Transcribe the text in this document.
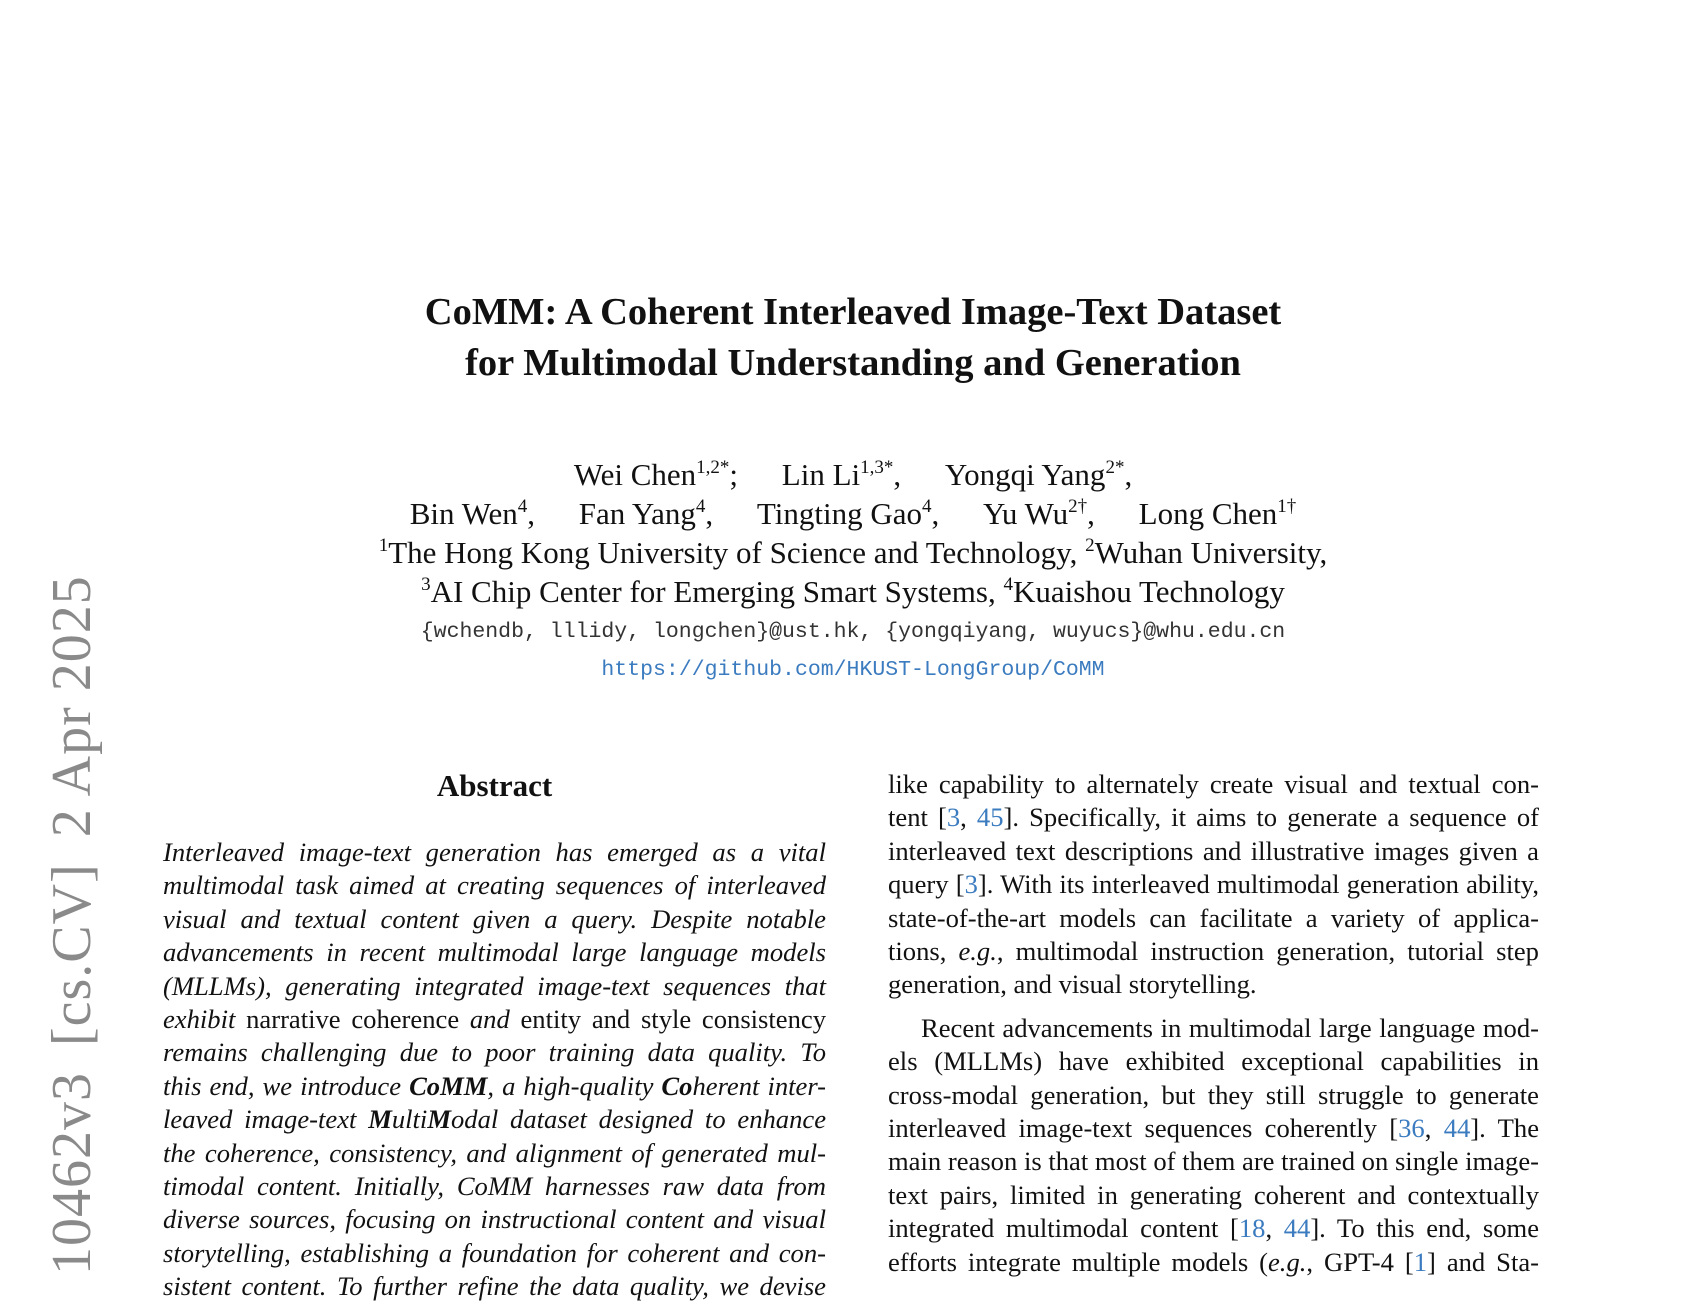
10462v3[cs.CV]2 Apr 2025
CoMM: A Coherent Interleaved Image-Text Dataset
for Multimodal Understanding and Generation
Wei Chen$^{1,2*}$; Lin $Li^{1,3*}$, Yongqi Yang$^{2*}$,
Bin Wen$^4$, Fan Yang$^4$, Tingting Gao$^4$, Yu $Wu^{2\dagger}$, Long Chen$^{1\dagger}$
$^1$The Hong Kong University of Science and Technology, $^2$Wuhan University,
$^3$AI Chip Center for Emerging Smart Systems, $^4$Kuaishou Technology
{wchendb, lllidy, longchen}@ust.hk, {yongqiyang, wuyucs}@whu.edu.cn
https://github.com/HKUST-LongGroup/CoMM
Abstract
Interleaved image-text generation has emerged as a vital
multimodal task aimed at creating sequences of interleaved
visual and textual content given a query. Despite notable
advancements in recent multimodal large language models
(MLLMs), generating integrated image-text sequences that
exhibit narrative coherence and entity and style consistency
remains challenging due to poor training data quality. To
this end, we introduce CoMM, a high-quality Coherent inter-
leaved image-text MultiModal dataset designed to enhance
the coherence, consistency, and alignment of generated mul-
timodal content. Initially, CoMM harnesses raw data from
diverse sources, focusing on instructional content and visual
storytelling, establishing a foundation for coherent and con-
sistent content. To further refine the data quality, we devise
like capability to alternately create visual and textual con-
tent [3, 45]. Specifically, it aims to generate a sequence of
interleaved text descriptions and illustrative images given a
query [3]. With its interleaved multimodal generation ability,
state-of-the-art models can facilitate a variety of applica-
tions, e.g., multimodal instruction generation, tutorial step
generation, and visual storytelling.
Recent advancements in multimodal large language mod-
els (MLLMs) have exhibited exceptional capabilities in
cross-modal generation, but they still struggle to generate
interleaved image-text sequences coherently [36, 44]. The
main reason is that most of them are trained on single image-
text pairs, limited in generating coherent and contextually
integrated multimodal content [18, 44]. To this end, some
efforts integrate multiple models (e.g., GPT-4 [1] and Sta-
